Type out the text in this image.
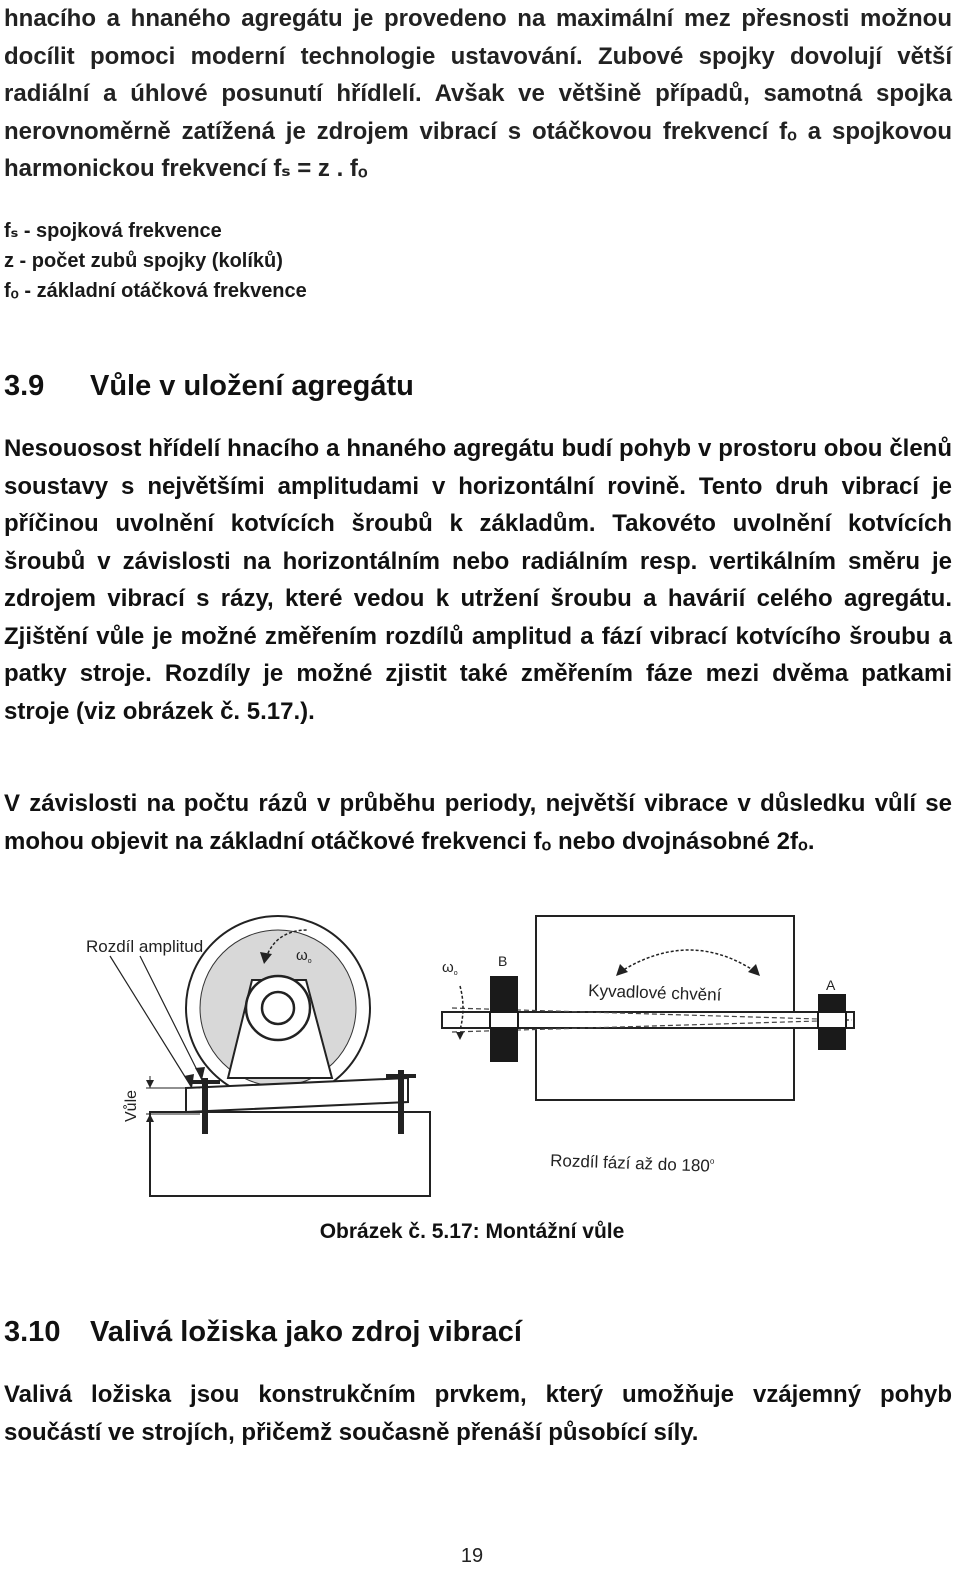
hnacího a hnaného agregátu je provedeno na maximální mez přesnosti možnou docílit pomoci moderní technologie ustavování. Zubové spojky dovolují větší radiální a úhlové posunutí hřídlelí. Avšak ve většině případů, samotná spojka nerovnoměrně zatížená je zdrojem vibrací s otáčkovou frekvencí fₒ a spojkovou harmonickou frekvencí fₛ = z . fₒ

fₛ - spojková frekvence
z - počet zubů spojky (kolíků)
fₒ - základní otáčková frekvence
3.9 Vůle v uložení agregátu

Nesouosost hřídelí hnacího a hnaného agregátu budí pohyb v prostoru obou členů soustavy s největšími amplitudami v horizontální rovině. Tento druh vibrací je příčinou uvolnění kotvících šroubů k základům. Takovéto uvolnění kotvících šroubů v závislosti na horizontálním nebo radiálním resp. vertikálním směru je zdrojem vibrací s rázy, které vedou k utržení šroubu a havárií celého agregátu. Zjištění vůle je možné změřením rozdílů amplitud a fází vibrací kotvícího šroubu a patky stroje. Rozdíly je možné zjistit také změřením fáze mezi dvěma patkami stroje (viz obrázek č. 5.17.).

V závislosti na počtu rázů v průběhu periody, největší vibrace v důsledku vůlí se mohou objevit na základní otáčkové frekvenci fₒ nebo dvojnásobné 2fₒ.

Rozdíl amplitud	$\omega_o$
Vůle
$\omega_o$
B
A
Kyvadlové chvění
Rozdíl fází až do 180$^o$

Obrázek č. 5.17: Montážní vůle

3.10 Valivá ložiska jako zdroj vibrací

Valivá ložiska jsou konstrukčním prvkem, který umožňuje vzájemný pohyb součástí ve strojích, přičemž současně přenáší působící síly.

19
